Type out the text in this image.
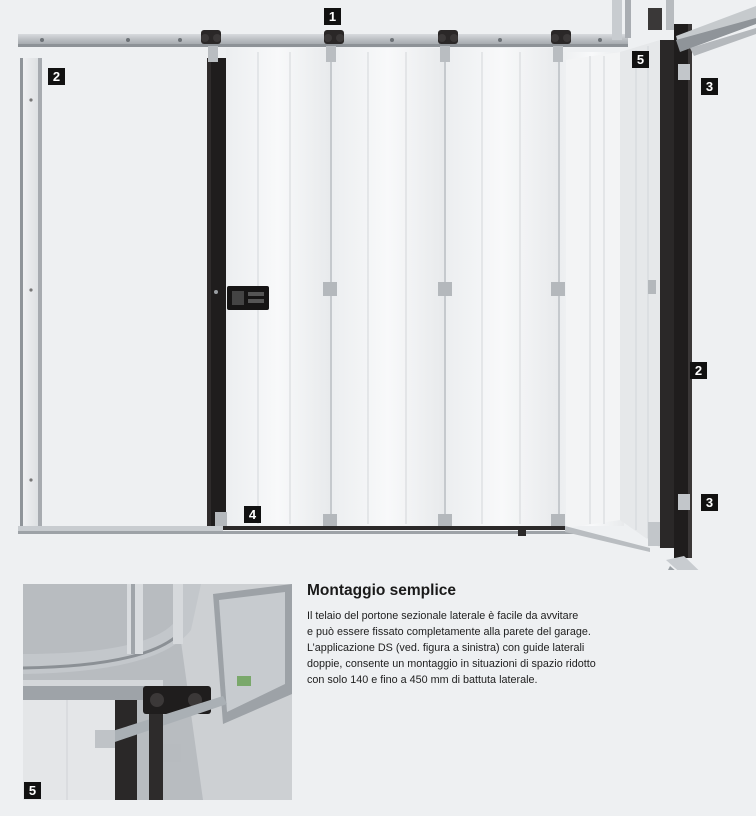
1
2
5
3
2
3
4
5
Montaggio semplice
Il telaio del portone sezionale laterale è facile da avvitare
e può essere fissato completamente alla parete del garage.
L’applicazione DS (ved. figura a sinistra) con guide laterali
doppie, consente un montaggio in situazioni di spazio ridotto
con solo 140 e fino a 450 mm di battuta laterale.
